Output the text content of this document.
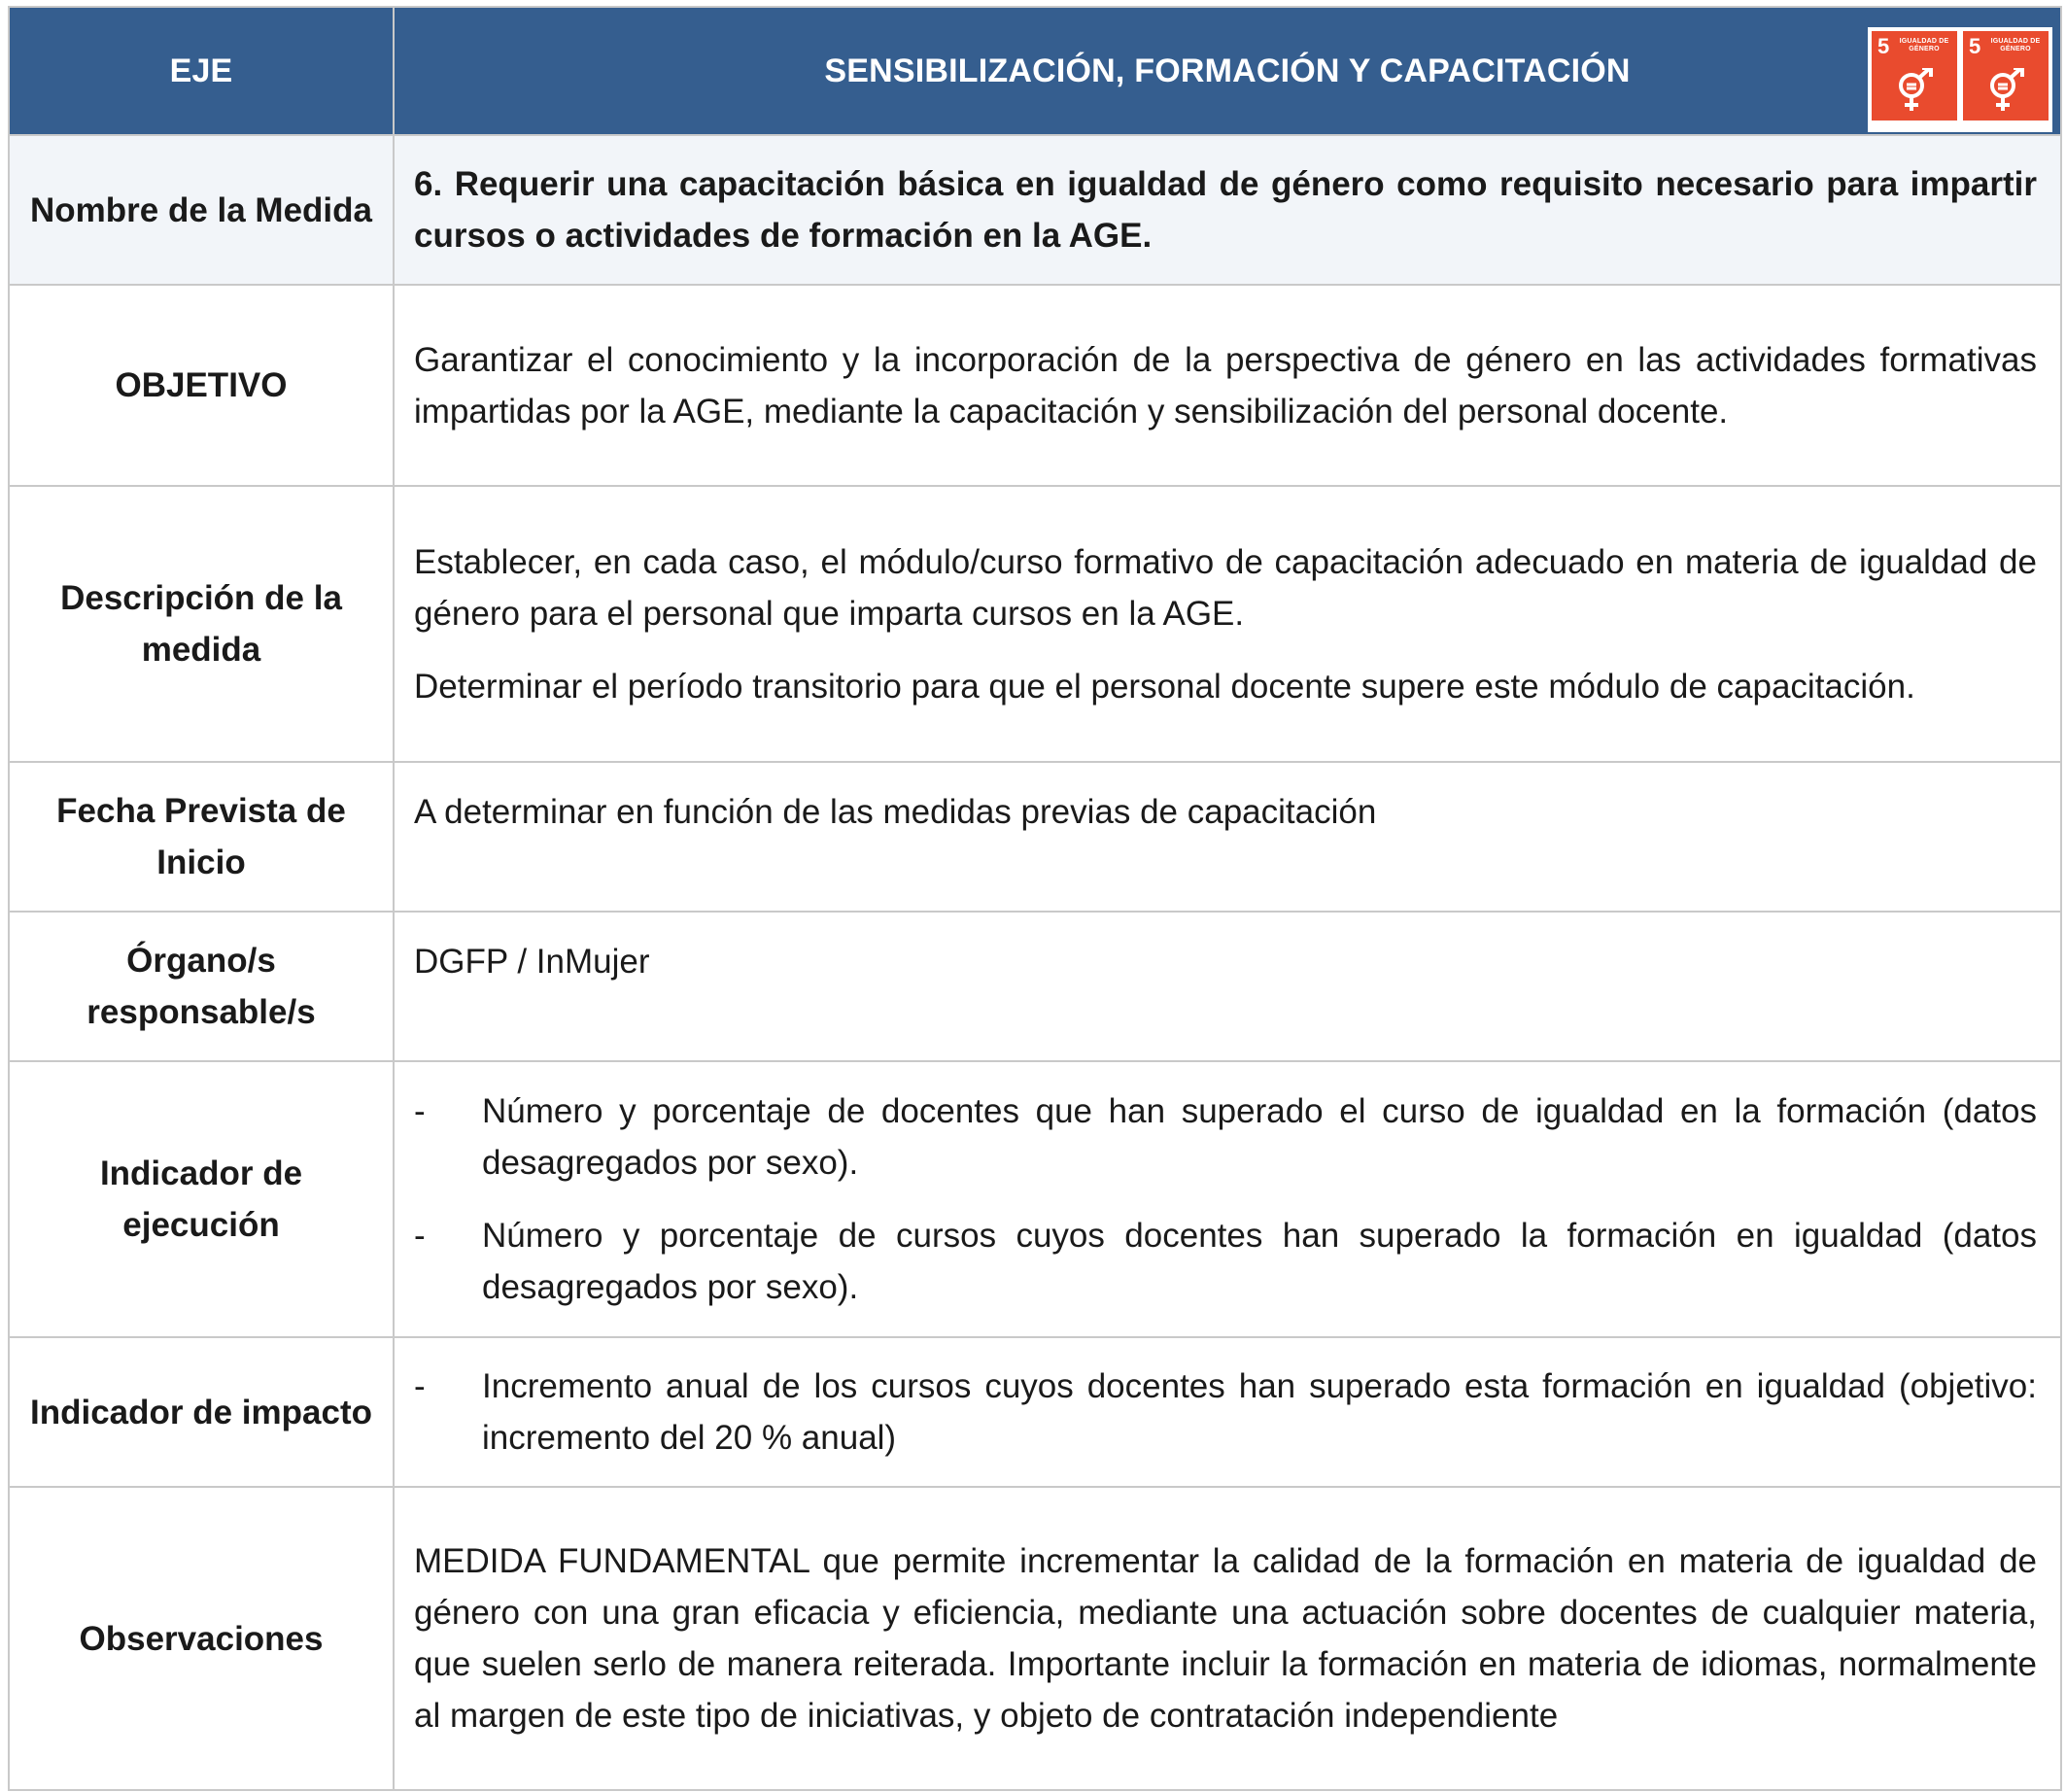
EJE	SENSIBILIZACIÓN, FORMACIÓN Y CAPACITACIÓN
5 IGUALDAD DE GÉNERO 5 IGUALDAD DE GÉNERO

Nombre de la Medida	6. Requerir una capacitación básica en igualdad de género como requisito necesario para impartir cursos o actividades de formación en la AGE.
OBJETIVO	Garantizar el conocimiento y la incorporación de la perspectiva de género en las actividades formativas impartidas por la AGE, mediante la capacitación y sensibilización del personal docente.
Descripción de la medida	Establecer, en cada caso, el módulo/curso formativo de capacitación adecuado en materia de igualdad de género para el personal que imparta cursos en la AGE.

Determinar el período transitorio para que el personal docente supere este módulo de capacitación.

Fecha Prevista de Inicio	A determinar en función de las medidas previas de capacitación
Órgano/s responsable/s	DGFP / InMujer
Indicador de ejecución	- Número y porcentaje de docentes que han superado el curso de igualdad en la formación (datos desagregados por sexo).
- Número y porcentaje de cursos cuyos docentes han superado la formación en igualdad (datos desagregados por sexo).

Indicador de impacto	- Incremento anual de los cursos cuyos docentes han superado esta formación en igualdad (objetivo: incremento del 20 % anual)

Observaciones	MEDIDA FUNDAMENTAL que permite incrementar la calidad de la formación en materia de igualdad de género con una gran eficacia y eficiencia, mediante una actuación sobre docentes de cualquier materia, que suelen serlo de manera reiterada. Importante incluir la formación en materia de idiomas, normalmente al margen de este tipo de iniciativas, y objeto de contratación independiente
